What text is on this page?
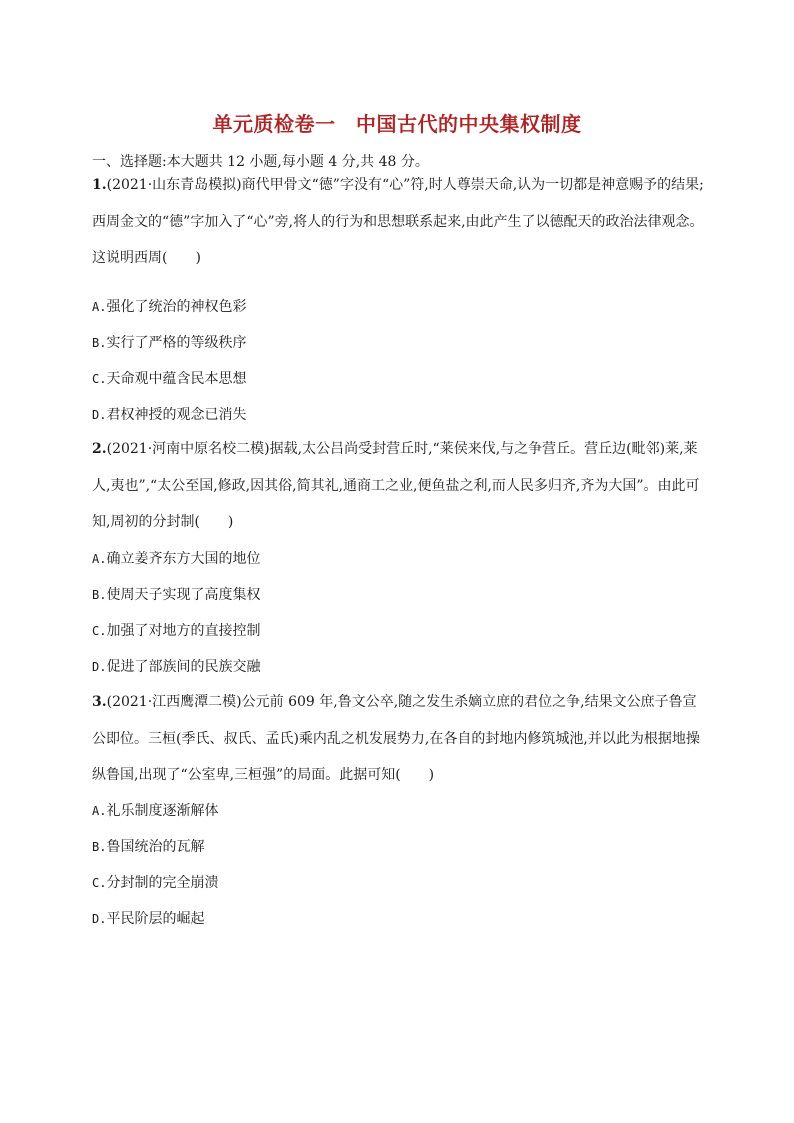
单元质检卷一　中国古代的中央集权制度
一、选择题:本大题共 12 小题,每小题 4 分,共 48 分。
1.(2021·山东青岛模拟)商代甲骨文“德”字没有“心”符,时人尊崇天命,认为一切都是神意赐予的结果;西周金文的“德”字加入了“心”旁,将人的行为和思想联系起来,由此产生了以德配天的政治法律观念。这说明西周(　　)
A.强化了统治的神权色彩
B.实行了严格的等级秩序
C.天命观中蕴含民本思想
D.君权神授的观念已消失
2.(2021·河南中原名校二模)据载,太公吕尚受封营丘时,“莱侯来伐,与之争营丘。营丘边(毗邻)莱,莱人,夷也”,“太公至国,修政,因其俗,简其礼,通商工之业,便鱼盐之利,而人民多归齐,齐为大国”。由此可知,周初的分封制(　　)
A.确立姜齐东方大国的地位
B.使周天子实现了高度集权
C.加强了对地方的直接控制
D.促进了部族间的民族交融
3.(2021·江西鹰潭二模)公元前 609 年,鲁文公卒,随之发生杀嫡立庶的君位之争,结果文公庶子鲁宣公即位。三桓(季氏、叔氏、孟氏)乘内乱之机发展势力,在各自的封地内修筑城池,并以此为根据地操纵鲁国,出现了“公室卑,三桓强”的局面。此据可知(　　)
A.礼乐制度逐渐解体
B.鲁国统治的瓦解
C.分封制的完全崩溃
D.平民阶层的崛起
